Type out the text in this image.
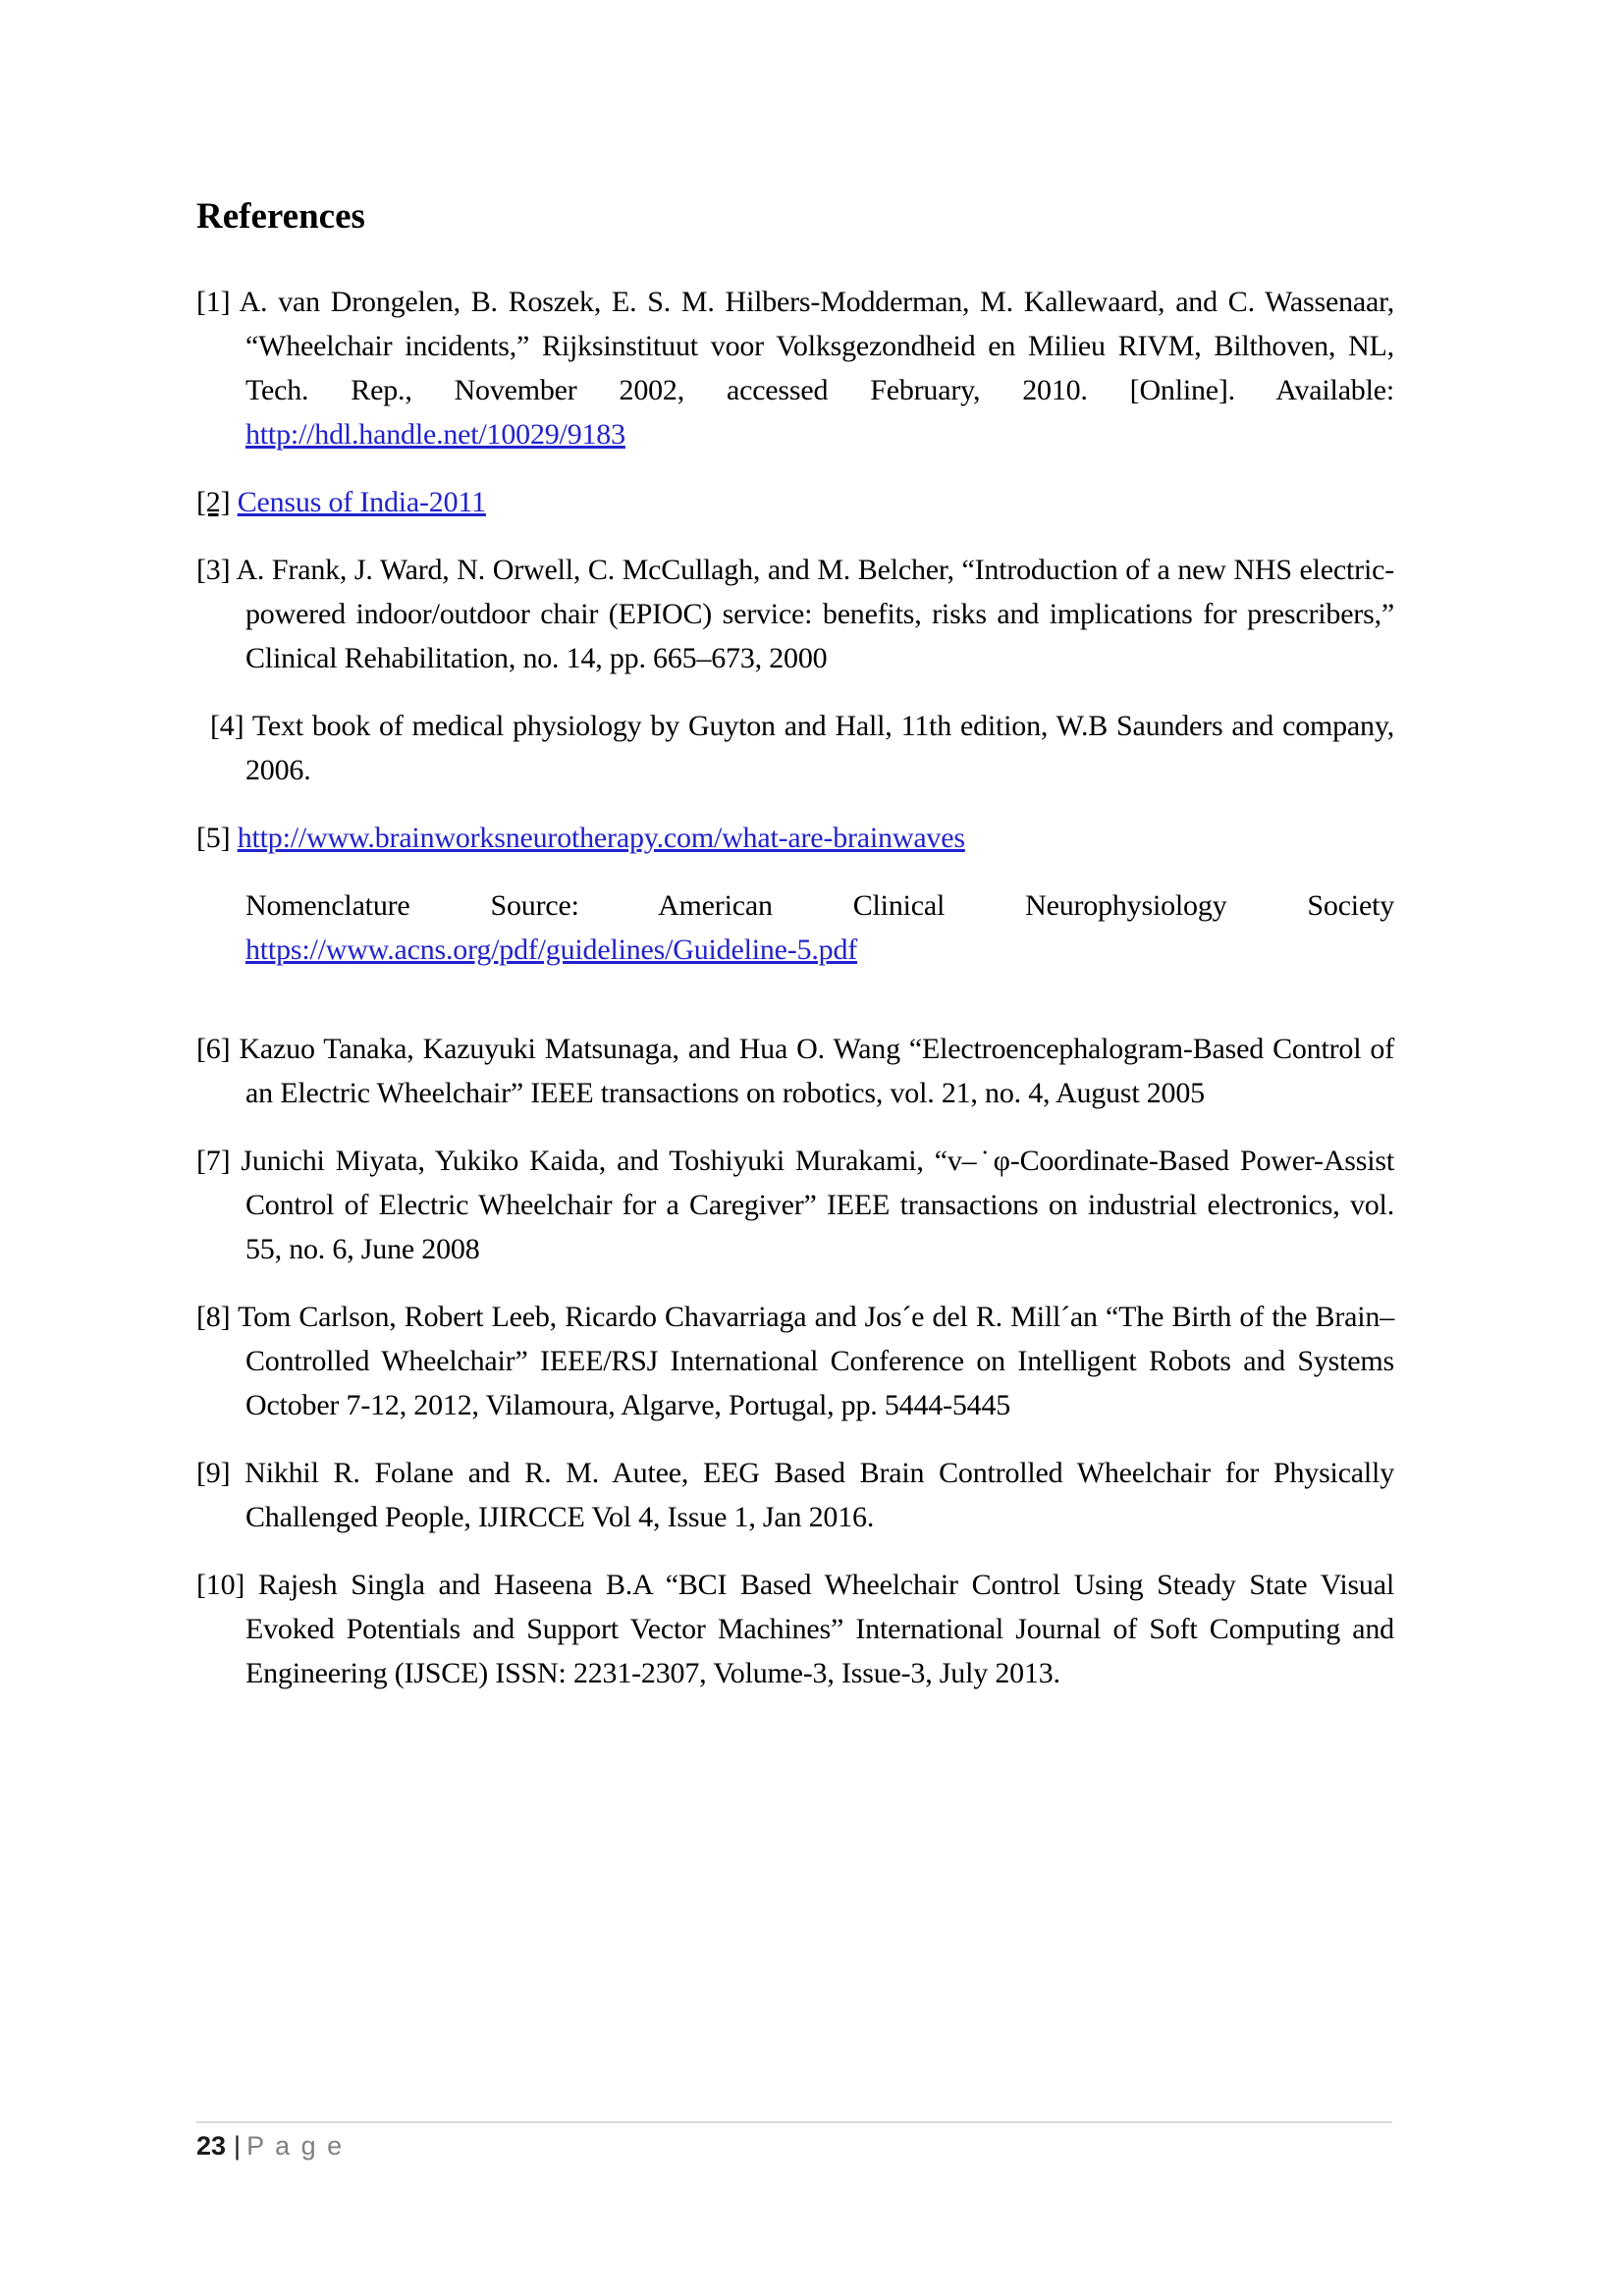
References

[1] A. van Drongelen, B. Roszek, E. S. M. Hilbers-Modderman, M. Kallewaard, and C. Wassenaar, “Wheelchair incidents,” Rijksinstituut voor Volksgezondheid en Milieu RIVM, Bilthoven, NL, Tech. Rep., November 2002, accessed February, 2010. [Online]. Available: http://hdl.handle.net/10029/9183

[2] Census of India-2011

[3] A. Frank, J. Ward, N. Orwell, C. McCullagh, and M. Belcher, “Introduction of a new NHS electric-powered indoor/outdoor chair (EPIOC) service: benefits, risks and implications for prescribers,” Clinical Rehabilitation, no. 14, pp. 665–673, 2000

[4] Text book of medical physiology by Guyton and Hall, 11th edition, W.B Saunders and company, 2006.

[5] http://www.brainworksneurotherapy.com/what-are-brainwaves

Nomenclature Source: American Clinical Neurophysiology Society https://www.acns.org/pdf/guidelines/Guideline-5.pdf

[6] Kazuo Tanaka, Kazuyuki Matsunaga, and Hua O. Wang “Electroencephalogram-Based Control of an Electric Wheelchair” IEEE transactions on robotics, vol. 21, no. 4, August 2005

[7] Junichi Miyata, Yukiko Kaida, and Toshiyuki Murakami, “v–˙φ-Coordinate-Based Power-Assist Control of Electric Wheelchair for a Caregiver” IEEE transactions on industrial electronics, vol. 55, no. 6, June 2008

[8] Tom Carlson, Robert Leeb, Ricardo Chavarriaga and Jos´e del R. Mill´an “The Birth of the Brain–Controlled Wheelchair” IEEE/RSJ International Conference on Intelligent Robots and Systems October 7-12, 2012, Vilamoura, Algarve, Portugal, pp. 5444-5445

[9] Nikhil R. Folane and R. M. Autee, EEG Based Brain Controlled Wheelchair for Physically Challenged People, IJIRCCE Vol 4, Issue 1, Jan 2016.

[10] Rajesh Singla and Haseena B.A “BCI Based Wheelchair Control Using Steady State Visual Evoked Potentials and Support Vector Machines” International Journal of Soft Computing and Engineering (IJSCE) ISSN: 2231-2307, Volume-3, Issue-3, July 2013.

23 | P a g e
